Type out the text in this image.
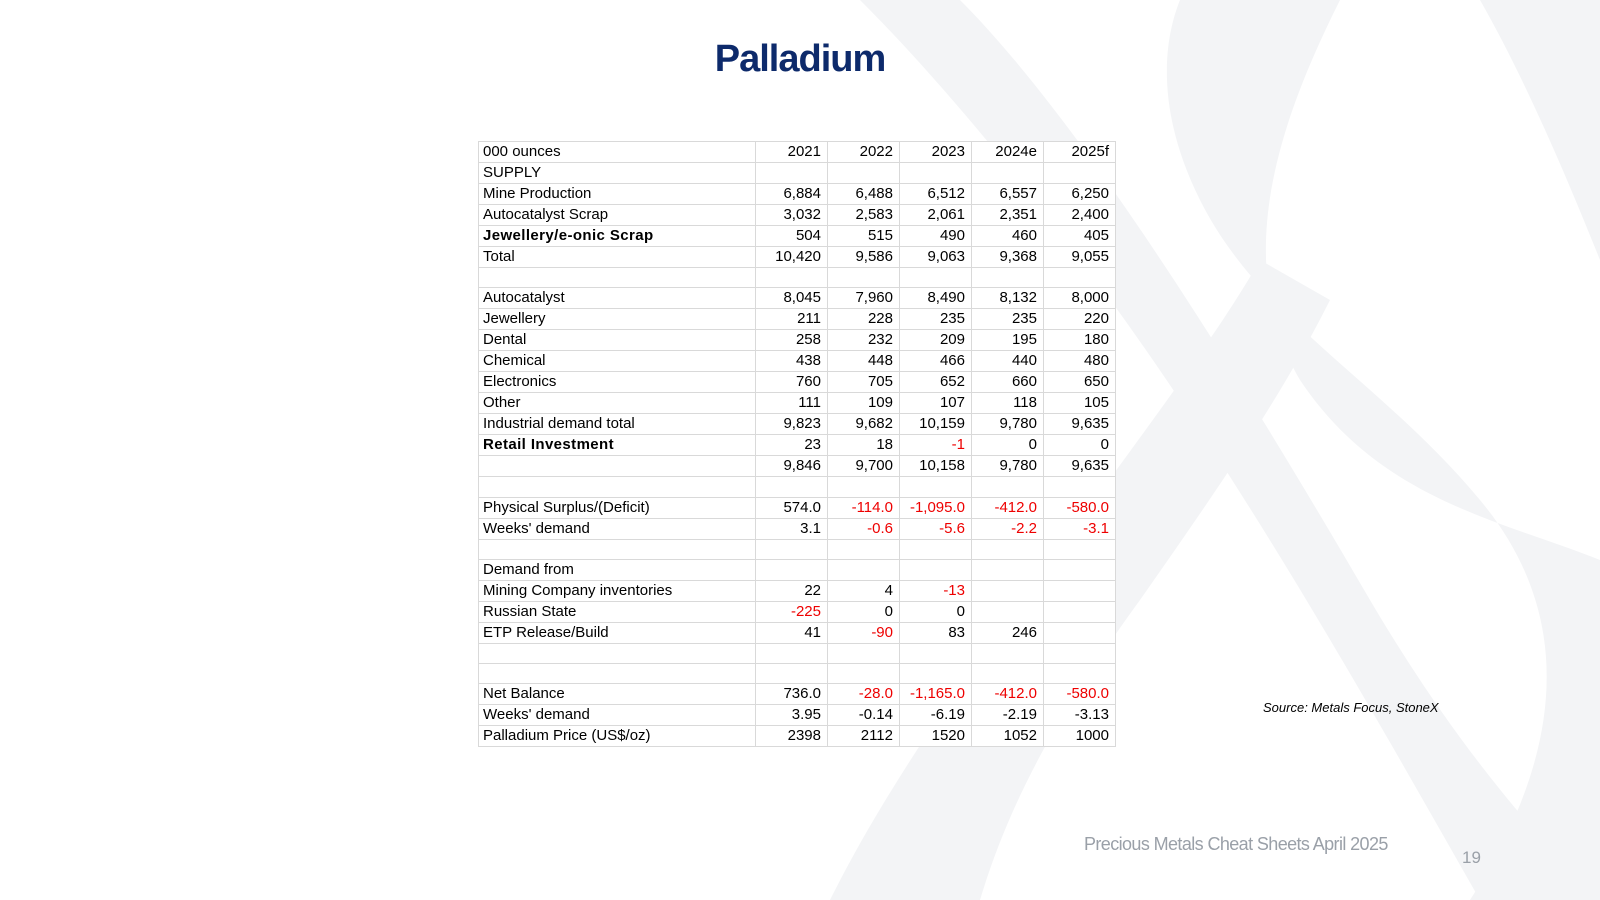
Palladium
000 ounces	2021	2022	2023	2024e	2025f
SUPPLY					
Mine Production	6,884	6,488	6,512	6,557	6,250
Autocatalyst Scrap	3,032	2,583	2,061	2,351	2,400
Jewellery/e-onic Scrap	504	515	490	460	405
Total	10,420	9,586	9,063	9,368	9,055

Autocatalyst	8,045	7,960	8,490	8,132	8,000
Jewellery	211	228	235	235	220
Dental	258	232	209	195	180
Chemical	438	448	466	440	480
Electronics	760	705	652	660	650
Other	111	109	107	118	105
Industrial demand total	9,823	9,682	10,159	9,780	9,635
Retail Investment	23	18	-1	0	0
	9,846	9,700	10,158	9,780	9,635

Physical Surplus/(Deficit)	574.0	-114.0	-1,095.0	-412.0	-580.0
Weeks' demand	3.1	-0.6	-5.6	-2.2	-3.1

Demand from					
Mining Company inventories	22	4	-13		
Russian State	-225	0	0		
ETP Release/Build	41	-90	83	246	

Net Balance	736.0	-28.0	-1,165.0	-412.0	-580.0
Weeks' demand	3.95	-0.14	-6.19	-2.19	-3.13
Palladium Price (US$/oz)	2398	2112	1520	1052	1000
Source: Metals Focus, StoneX
Precious Metals Cheat Sheets April 2025
19
